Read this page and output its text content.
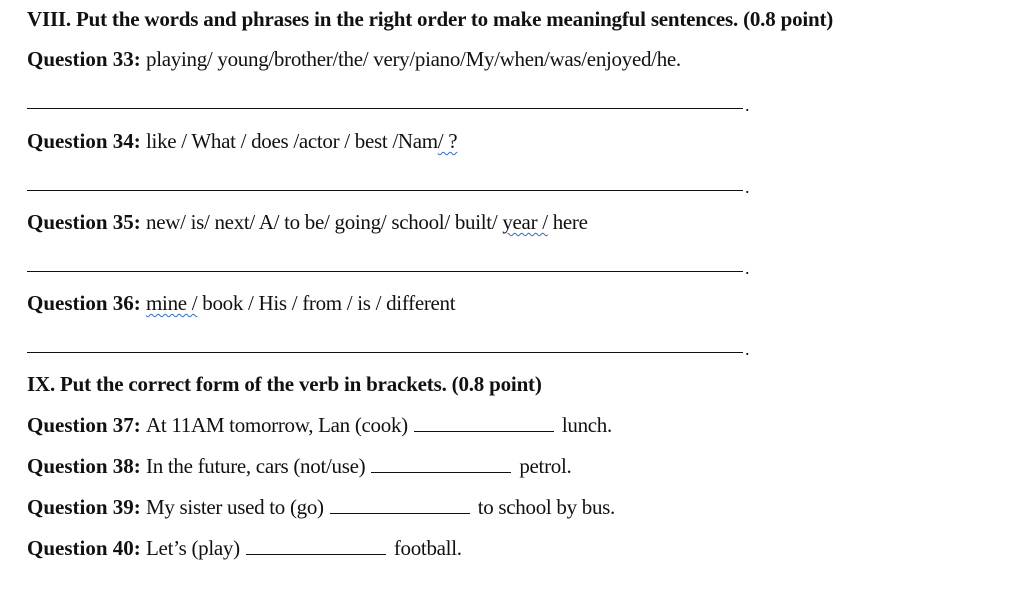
VIII. Put the words and phrases in the right order to make meaningful sentences. (0.8 point)
Question 33: playing/ young/brother/the/ very/piano/My/when/was/enjoyed/he.
.
Question 34: like / What / does /actor / best /Nam/ ?
.
Question 35: new/ is/ next/ A/ to be/ going/ school/ built/ year / here
.
Question 36: mine / book / His / from / is / different
.
IX. Put the correct form of the verb in brackets. (0.8 point)
Question 37: At 11AM tomorrow, Lan (cook)	lunch.
Question 38: In the future, cars (not/use)	petrol.
Question 39: My sister used to (go)	to school by bus.
Question 40: Let’s (play)	football.
